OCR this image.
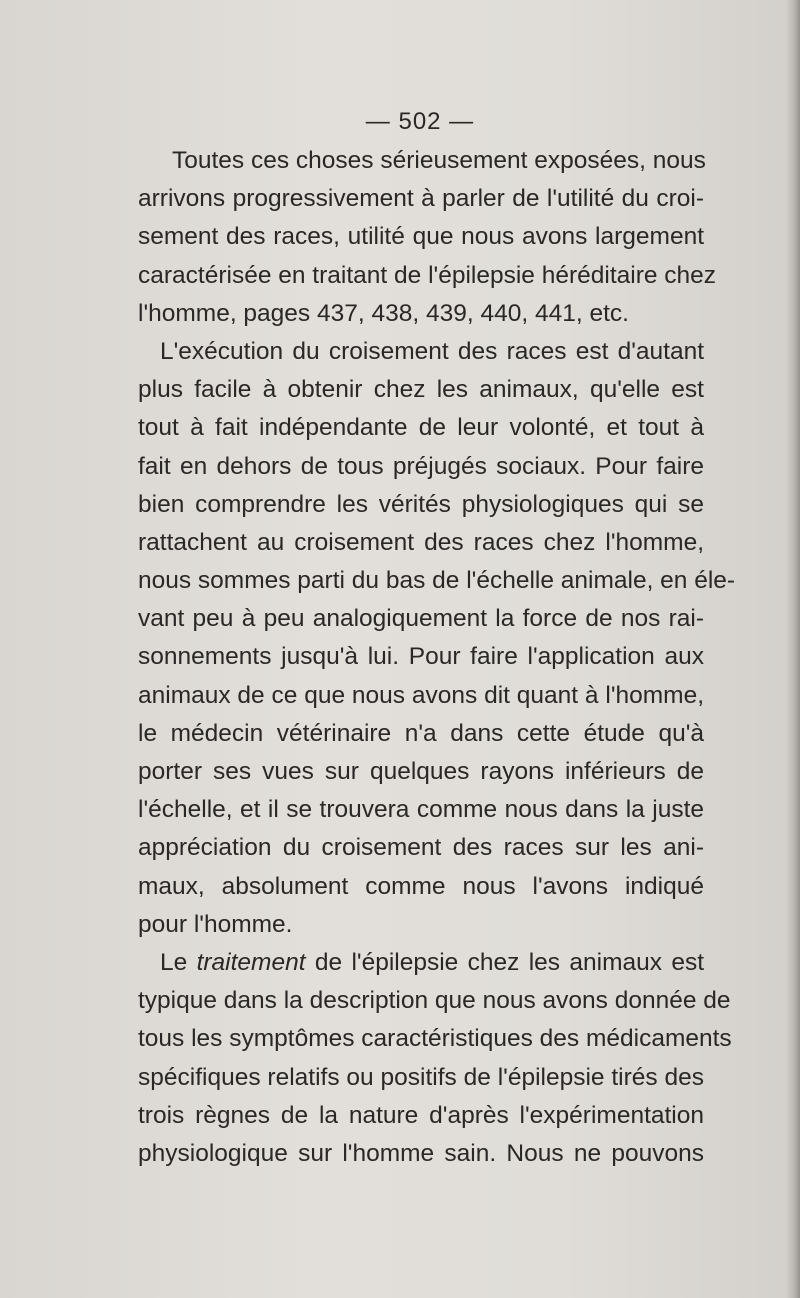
— 502 —
Toutes ces choses sérieusement exposées, nous
arrivons progressivement à parler de l'utilité du croi-
sement des races, utilité que nous avons largement
caractérisée en traitant de l'épilepsie héréditaire chez
l'homme, pages 437, 438, 439, 440, 441, etc.
L'exécution du croisement des races est d'autant
plus facile à obtenir chez les animaux, qu'elle est
tout à fait indépendante de leur volonté, et tout à
fait en dehors de tous préjugés sociaux. Pour faire
bien comprendre les vérités physiologiques qui se
rattachent au croisement des races chez l'homme,
nous sommes parti du bas de l'échelle animale, en éle-
vant peu à peu analogiquement la force de nos rai-
sonnements jusqu'à lui. Pour faire l'application aux
animaux de ce que nous avons dit quant à l'homme,
le médecin vétérinaire n'a dans cette étude qu'à
porter ses vues sur quelques rayons inférieurs de
l'échelle, et il se trouvera comme nous dans la juste
appréciation du croisement des races sur les ani-
maux, absolument comme nous l'avons indiqué
pour l'homme.
Le traitement de l'épilepsie chez les animaux est
typique dans la description que nous avons donnée de
tous les symptômes caractéristiques des médicaments
spécifiques relatifs ou positifs de l'épilepsie tirés des
trois règnes de la nature d'après l'expérimentation
physiologique sur l'homme sain. Nous ne pouvons
